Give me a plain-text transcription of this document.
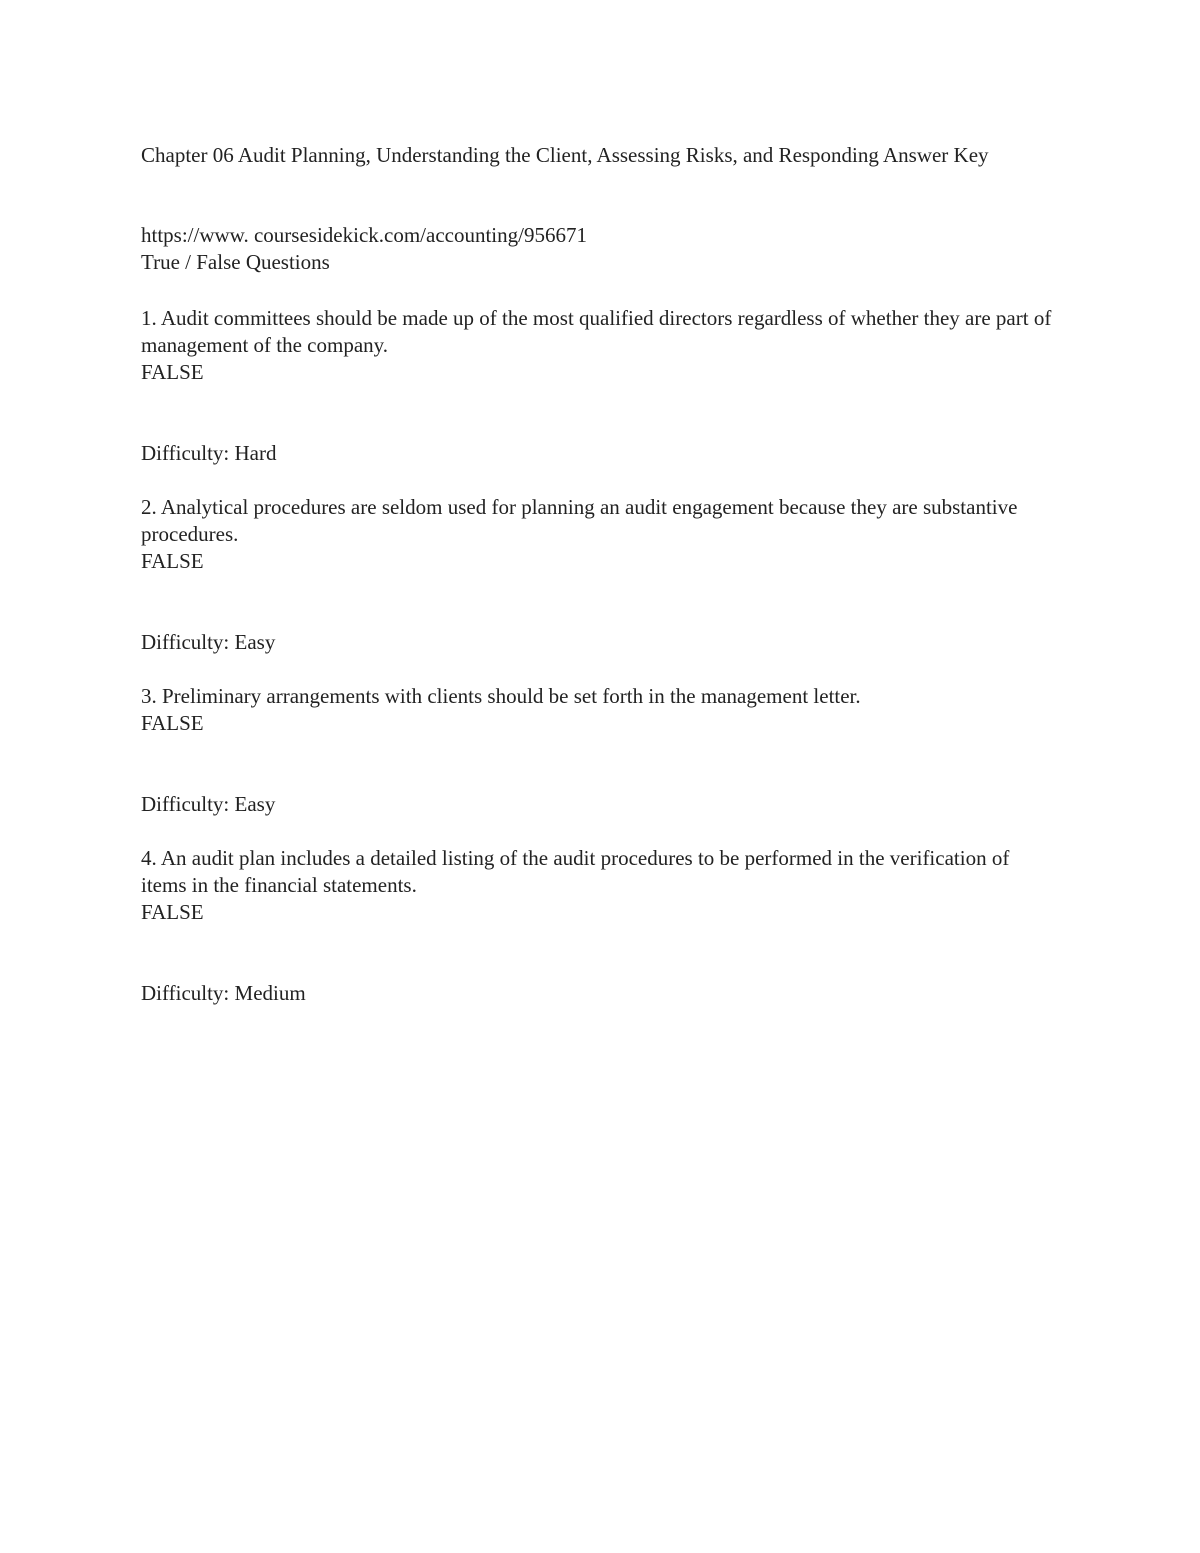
Chapter 06 Audit Planning, Understanding the Client, Assessing Risks, and Responding Answer Key
https://www. coursesidekick.com/accounting/956671
True / False Questions
1. Audit committees should be made up of the most qualified directors regardless of whether they are part of management of the company.
FALSE
Difficulty: Hard
2. Analytical procedures are seldom used for planning an audit engagement because they are substantive procedures.
FALSE
Difficulty: Easy
3. Preliminary arrangements with clients should be set forth in the management letter.
FALSE
Difficulty: Easy
4. An audit plan includes a detailed listing of the audit procedures to be performed in the verification of items in the financial statements.
FALSE
Difficulty: Medium
